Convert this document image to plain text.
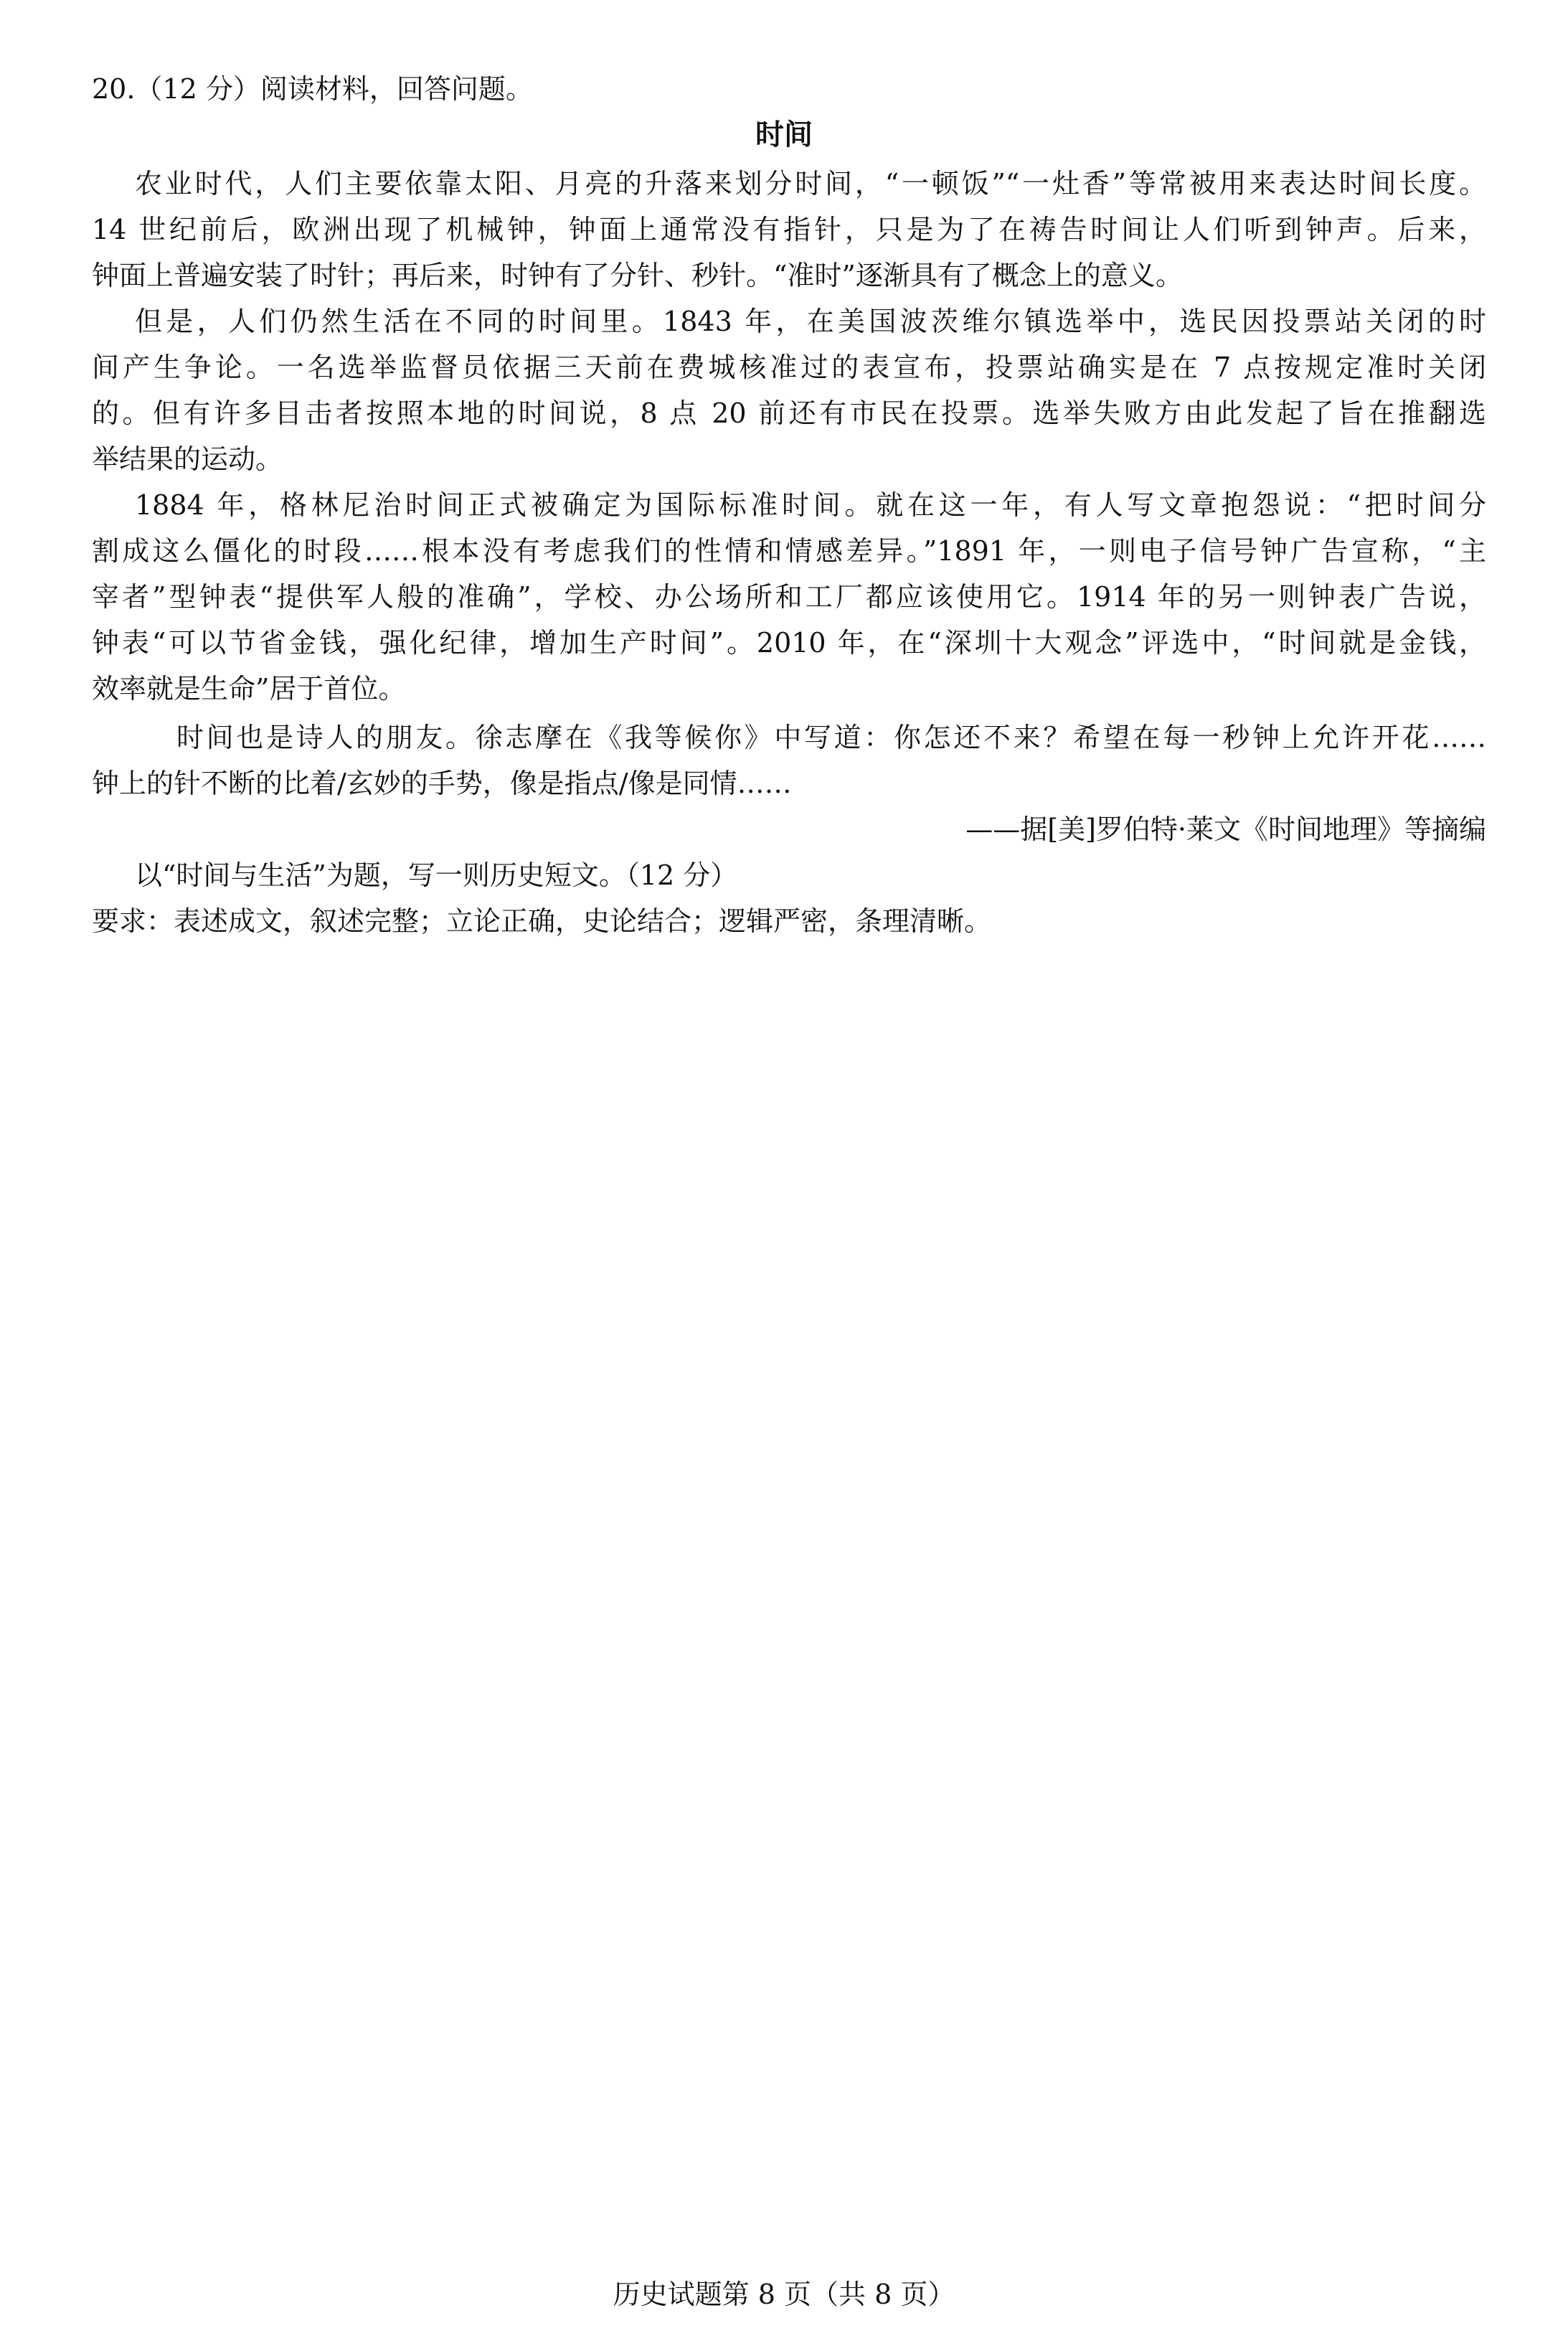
20.（12 分）阅读材料，回答问题。
时间
农业时代，人们主要依靠太阳、月亮的升落来划分时间，“一顿饭”“一灶香”等常被用来表达时间长度。
14 世纪前后，欧洲出现了机械钟，钟面上通常没有指针，只是为了在祷告时间让人们听到钟声。后来，
钟面上普遍安装了时针；再后来，时钟有了分针、秒针。“准时”逐渐具有了概念上的意义。
但是，人们仍然生活在不同的时间里。1843 年，在美国波茨维尔镇选举中，选民因投票站关闭的时
间产生争论。一名选举监督员依据三天前在费城核准过的表宣布，投票站确实是在 7 点按规定准时关闭
的。但有许多目击者按照本地的时间说，8 点 20 前还有市民在投票。选举失败方由此发起了旨在推翻选
举结果的运动。
1884 年，格林尼治时间正式被确定为国际标准时间。就在这一年，有人写文章抱怨说：“把时间分
割成这么僵化的时段……根本没有考虑我们的性情和情感差异。”1891 年，一则电子信号钟广告宣称，“主
宰者”型钟表“提供军人般的准确”，学校、办公场所和工厂都应该使用它。1914 年的另一则钟表广告说，
钟表“可以节省金钱，强化纪律，增加生产时间”。2010 年，在“深圳十大观念”评选中，“时间就是金钱，
效率就是生命”居于首位。
时间也是诗人的朋友。徐志摩在《我等候你》中写道：你怎还不来？希望在每一秒钟上允许开花……
钟上的针不断的比着/玄妙的手势，像是指点/像是同情……
——据[美]罗伯特·莱文《时间地理》等摘编
以“时间与生活”为题，写一则历史短文。（12 分）
要求：表述成文，叙述完整；立论正确，史论结合；逻辑严密，条理清晰。
历史试题第 8 页（共 8 页）
